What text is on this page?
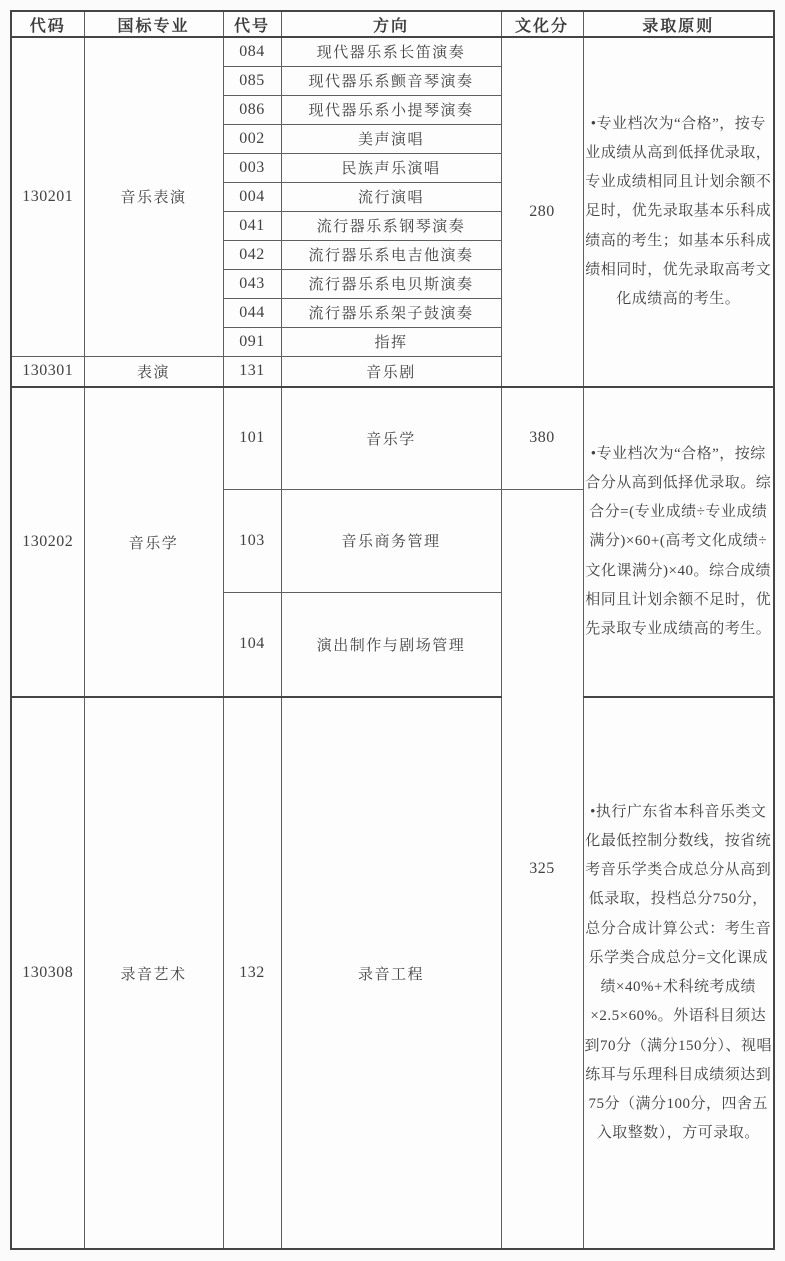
代码	国标专业	代号	方向	文化分	录取原则
130201	音乐表演	084	现代器乐系长笛演奏	280	•专业档次为“合格”，按专业成绩从高到低择优录取，专业成绩相同且计划余额不足时，优先录取基本乐科成绩高的考生；如基本乐科成绩相同时，优先录取高考文化成绩高的考生。
		085	现代器乐系颤音琴演奏		
		086	现代器乐系小提琴演奏		
		002	美声演唱		
		003	民族声乐演唱		
		004	流行演唱		
		041	流行器乐系钢琴演奏		
		042	流行器乐系电吉他演奏		
		043	流行器乐系电贝斯演奏		
		044	流行器乐系架子鼓演奏		
		091	指挥		
130301	表演	131	音乐剧		
130202	音乐学	101	音乐学	380	•专业档次为“合格”，按综合分从高到低择优录取。综合分=(专业成绩÷专业成绩满分)×60+(高考文化成绩÷文化课满分)×40。综合成绩相同且计划余额不足时，优先录取专业成绩高的考生。
		103	音乐商务管理	325	
		104	演出制作与剧场管理		
130308	录音艺术	132	录音工程		•执行广东省本科音乐类文化最低控制分数线，按省统考音乐学类合成总分从高到低录取，投档总分750分，总分合成计算公式：考生音乐学类合成总分=文化课成绩×40%+术科统考成绩×2.5×60%。外语科目须达到70分（满分150分）、视唱练耳与乐理科目成绩须达到75分（满分100分，四舍五入取整数），方可录取。
